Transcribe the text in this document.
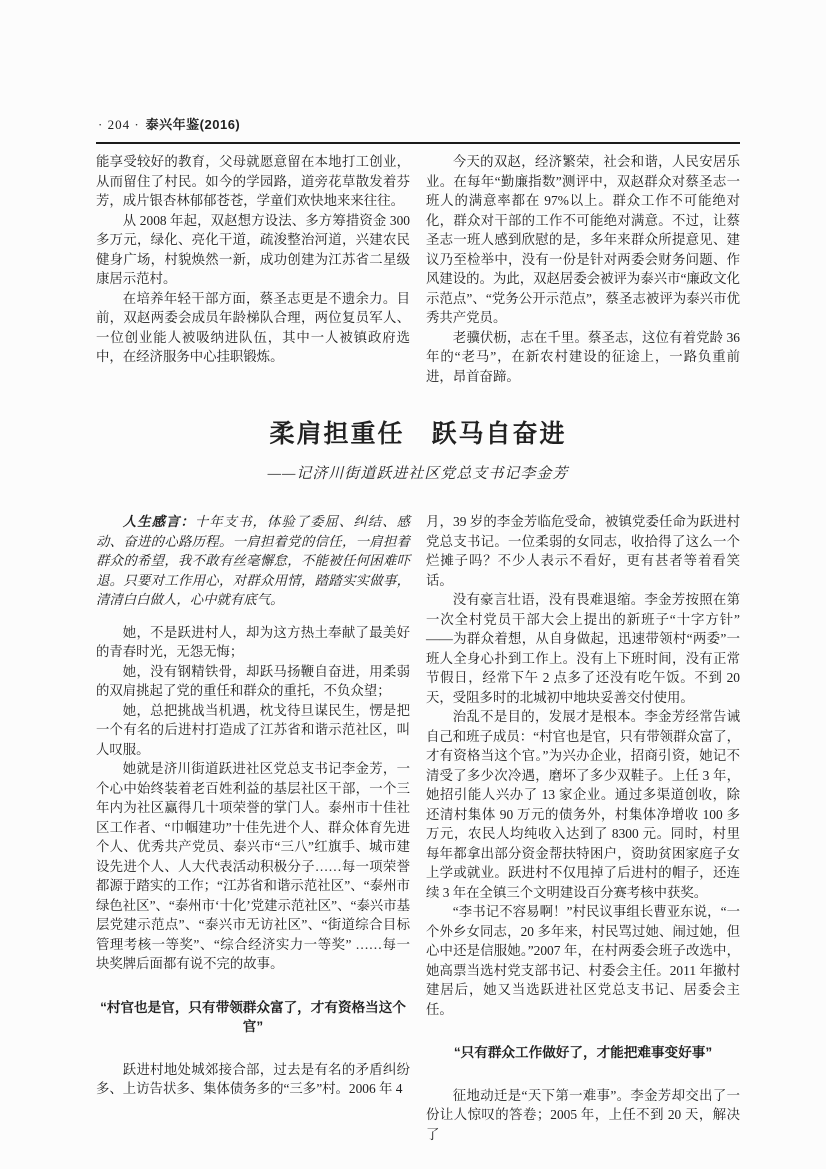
· 204 · 泰兴年鉴(2016)

能享受较好的教育，父母就愿意留在本地打工创业，从而留住了村民。如今的学园路，道旁花草散发着芬芳，成片银杏林郁郁苍苍，学童们欢快地来来往往。

从 2008 年起，双赵想方设法、多方筹措资金 300 多万元，绿化、亮化干道，疏浚整治河道，兴建农民健身广场，村貌焕然一新，成功创建为江苏省二星级康居示范村。

在培养年轻干部方面，蔡圣志更是不遗余力。目前，双赵两委会成员年龄梯队合理，两位复员军人、一位创业能人被吸纳进队伍，其中一人被镇政府选中，在经济服务中心挂职锻炼。

今天的双赵，经济繁荣，社会和谐，人民安居乐业。在每年“勤廉指数”测评中，双赵群众对蔡圣志一班人的满意率都在 97%以上。群众工作不可能绝对化，群众对干部的工作不可能绝对满意。不过，让蔡圣志一班人感到欣慰的是，多年来群众所提意见、建议乃至检举中，没有一份是针对两委会财务问题、作风建设的。为此，双赵居委会被评为泰兴市“廉政文化示范点”、“党务公开示范点”，蔡圣志被评为泰兴市优秀共产党员。

老骥伏枥，志在千里。蔡圣志，这位有着党龄 36 年的“老马”，在新农村建设的征途上，一路负重前进，昂首奋蹄。

柔肩担重任　跃马自奋进

——记济川街道跃进社区党总支书记李金芳

人生感言：十年支书，体验了委屈、纠结、感动、奋进的心路历程。一肩担着党的信任，一肩担着群众的希望，我不敢有丝毫懈怠，不能被任何困难吓退。只要对工作用心，对群众用情，踏踏实实做事，清清白白做人，心中就有底气。

她，不是跃进村人，却为这方热土奉献了最美好的青春时光，无怨无悔；

她，没有钢精铁骨，却跃马扬鞭自奋进，用柔弱的双肩挑起了党的重任和群众的重托，不负众望；

她，总把挑战当机遇，枕戈待旦谋民生，愣是把一个有名的后进村打造成了江苏省和谐示范社区，叫人叹服。

她就是济川街道跃进社区党总支书记李金芳，一个心中始终装着老百姓利益的基层社区干部，一个三年内为社区赢得几十项荣誉的掌门人。泰州市十佳社区工作者、“巾帼建功”十佳先进个人、群众体育先进个人、优秀共产党员、泰兴市“三八”红旗手、城市建设先进个人、人大代表活动积极分子……每一项荣誉都源于踏实的工作；“江苏省和谐示范社区”、“泰州市绿色社区”、“泰州市‘十化’党建示范社区”、“泰兴市基层党建示范点”、“泰兴市无访社区”、“街道综合目标管理考核一等奖”、“综合经济实力一等奖” ……每一块奖牌后面都有说不完的故事。

“村官也是官，只有带领群众富了，才有资格当这个官”

跃进村地处城郊接合部，过去是有名的矛盾纠纷多、上访告状多、集体债务多的“三多”村。2006 年 4

月，39 岁的李金芳临危受命，被镇党委任命为跃进村党总支书记。一位柔弱的女同志，收拾得了这么一个烂摊子吗？不少人表示不看好，更有甚者等着看笑话。

没有豪言壮语，没有畏难退缩。李金芳按照在第一次全村党员干部大会上提出的新班子“十字方针”——为群众着想，从自身做起，迅速带领村“两委”一班人全身心扑到工作上。没有上下班时间，没有正常节假日，经常下午 2 点多了还没有吃午饭。不到 20 天，受阻多时的北城初中地块妥善交付使用。

治乱不是目的，发展才是根本。李金芳经常告诫自己和班子成员：“村官也是官，只有带领群众富了，才有资格当这个官。”为兴办企业，招商引资，她记不清受了多少次冷遇，磨坏了多少双鞋子。上任 3 年，她招引能人兴办了 13 家企业。通过多渠道创收，除还清村集体 90 万元的债务外，村集体净增收 100 多万元，农民人均纯收入达到了 8300 元。同时，村里每年都拿出部分资金帮扶特困户，资助贫困家庭子女上学或就业。跃进村不仅甩掉了后进村的帽子，还连续 3 年在全镇三个文明建设百分赛考核中获奖。

“李书记不容易啊！”村民议事组长曹亚东说，“一个外乡女同志，20 多年来，村民骂过她、闹过她，但心中还是信服她。”2007 年，在村两委会班子改选中，她高票当选村党支部书记、村委会主任。2011 年撤村建居后，她又当选跃进社区党总支书记、居委会主任。

“只有群众工作做好了，才能把难事变好事”

征地动迁是“天下第一难事”。李金芳却交出了一份让人惊叹的答卷；2005 年，上任不到 20 天，解决了
